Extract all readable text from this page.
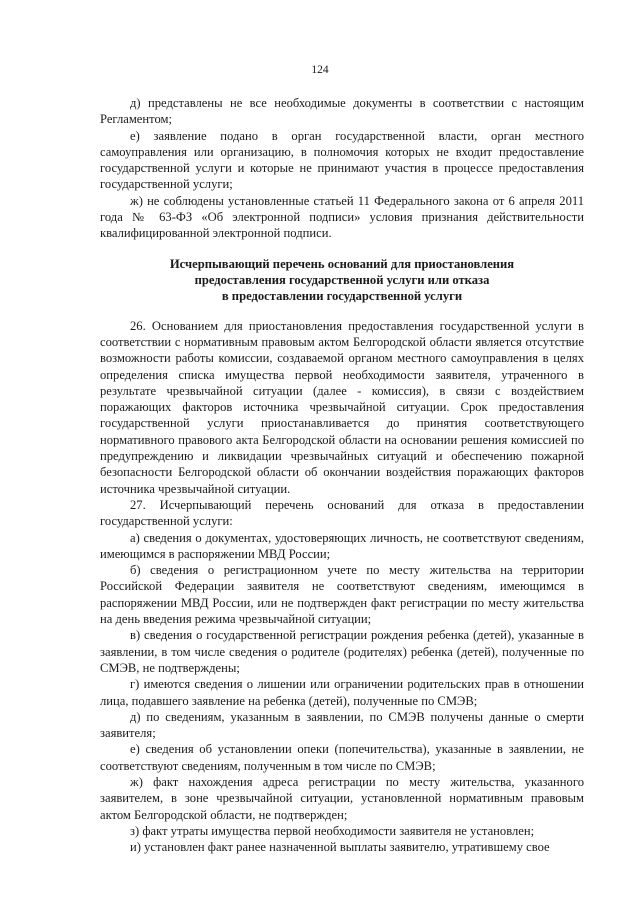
124

д) представлены не все необходимые документы в соответствии с настоящим Регламентом;

е) заявление подано в орган государственной власти, орган местного самоуправления или организацию, в полномочия которых не входит предоставление государственной услуги и которые не принимают участия в процессе предоставления государственной услуги;

ж) не соблюдены установленные статьей 11 Федерального закона от 6 апреля 2011 года № 63-ФЗ «Об электронной подписи» условия признания действительности квалифицированной электронной подписи.

Исчерпывающий перечень оснований для приостановления
предоставления государственной услуги или отказа
в предоставлении государственной услуги

26. Основанием для приостановления предоставления государственной услуги в соответствии с нормативным правовым актом Белгородской области является отсутствие возможности работы комиссии, создаваемой органом местного самоуправления в целях определения списка имущества первой необходимости заявителя, утраченного в результате чрезвычайной ситуации (далее - комиссия), в связи с воздействием поражающих факторов источника чрезвычайной ситуации. Срок предоставления государственной услуги приостанавливается до принятия соответствующего нормативного правового акта Белгородской области на основании решения комиссией по предупреждению и ликвидации чрезвычайных ситуаций и обеспечению пожарной безопасности Белгородской области об окончании воздействия поражающих факторов источника чрезвычайной ситуации.

27. Исчерпывающий перечень оснований для отказа в предоставлении государственной услуги:

а) сведения о документах, удостоверяющих личность, не соответствуют сведениям, имеющимся в распоряжении МВД России;

б) сведения о регистрационном учете по месту жительства на территории Российской Федерации заявителя не соответствуют сведениям, имеющимся в распоряжении МВД России, или не подтвержден факт регистрации по месту жительства на день введения режима чрезвычайной ситуации;

в) сведения о государственной регистрации рождения ребенка (детей), указанные в заявлении, в том числе сведения о родителе (родителях) ребенка (детей), полученные по СМЭВ, не подтверждены;

г) имеются сведения о лишении или ограничении родительских прав в отношении лица, подавшего заявление на ребенка (детей), полученные по СМЭВ;

д) по сведениям, указанным в заявлении, по СМЭВ получены данные о смерти заявителя;

е) сведения об установлении опеки (попечительства), указанные в заявлении, не соответствуют сведениям, полученным в том числе по СМЭВ;

ж) факт нахождения адреса регистрации по месту жительства, указанного заявителем, в зоне чрезвычайной ситуации, установленной нормативным правовым актом Белгородской области, не подтвержден;

з) факт утраты имущества первой необходимости заявителя не установлен;

и) установлен факт ранее назначенной выплаты заявителю, утратившему свое
